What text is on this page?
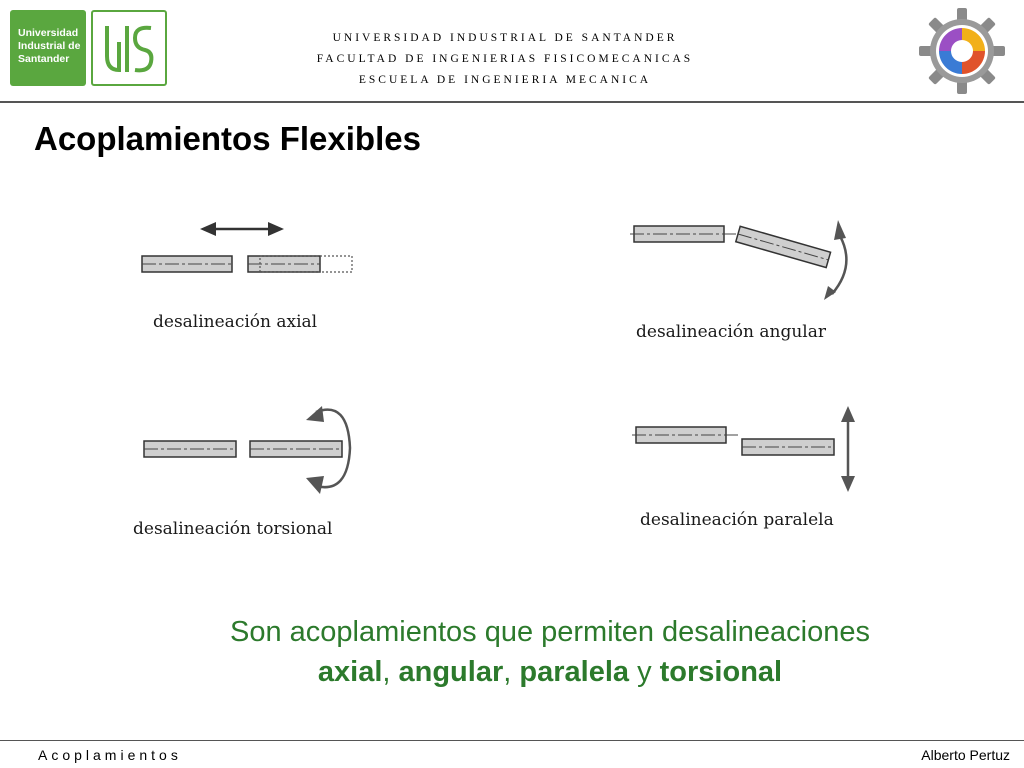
Universidad
Industrial de
Santander
UNIVERSIDAD INDUSTRIAL DE SANTANDER
FACULTAD DE INGENIERIAS FISICOMECANICAS
ESCUELA DE INGENIERIA MECANICA
Acoplamientos Flexibles
desalineación axial	desalineación angular
desalineación torsional	desalineación paralela
Son acoplamientos que permiten desalineaciones
axial, angular, paralela y torsional
Acoplamientos	Alberto Pertuz
